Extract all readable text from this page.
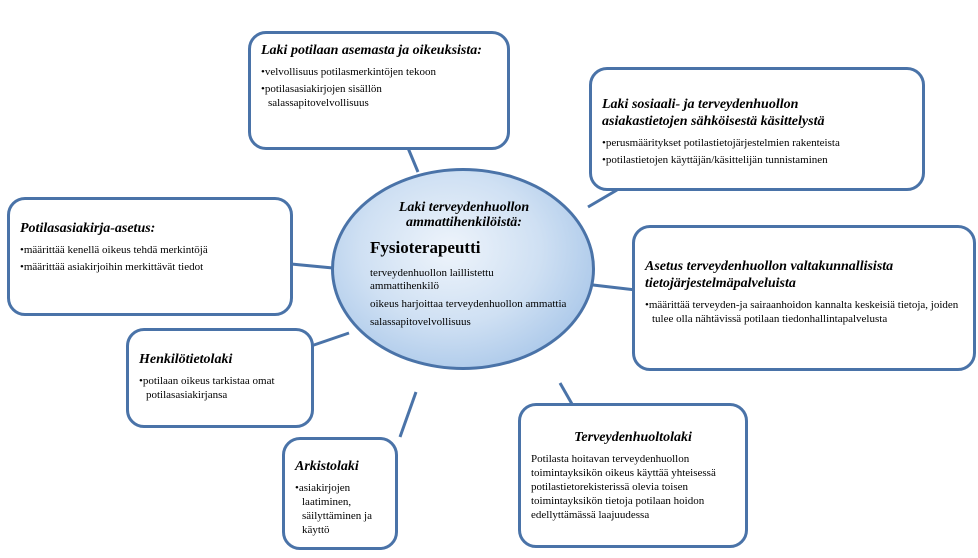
Laki potilaan asemasta ja oikeuksista:
• velvollisuus potilasmerkintöjen tekoon
• potilasasiakirjojen sisällön salassapitovelvollisuus	Laki sosiaali- ja terveydenhuollon asiakastietojen sähköisestä käsittelystä
• perusmääritykset potilastietojärjestelmien rakenteista
• potilastietojen käyttäjän/käsittelijän tunnistaminen
Potilasasiakirja-asetus:
• määrittää kenellä oikeus tehdä merkintöjä
• määrittää asiakirjoihin merkittävät tiedot	Asetus terveydenhuollon valtakunnallisista tietojärjestelmäpalveluista
• määrittää terveyden-ja sairaanhoidon kannalta keskeisiä tietoja, joiden tulee olla nähtävissä potilaan tiedonhallintapalvelusta
Henkilötietolaki
• potilaan oikeus tarkistaa omat potilasasiakirjansa
Arkistolaki
• asiakirjojen laatiminen, säilyttäminen ja käyttö
Terveydenhuoltolaki

Potilasta hoitavan terveydenhuollon toimintayksikön oikeus käyttää yhteisessä potilastietorekisterissä olevia toisen toimintayksikön tietoja potilaan hoidon edellyttämässä laajuudessa

Laki terveydenhuollon ammattihenkilöistä:
Fysioterapeutti
terveydenhuollon laillistettu ammattihenkilö
oikeus harjoittaa terveydenhuollon ammattia
salassapitovelvollisuus
